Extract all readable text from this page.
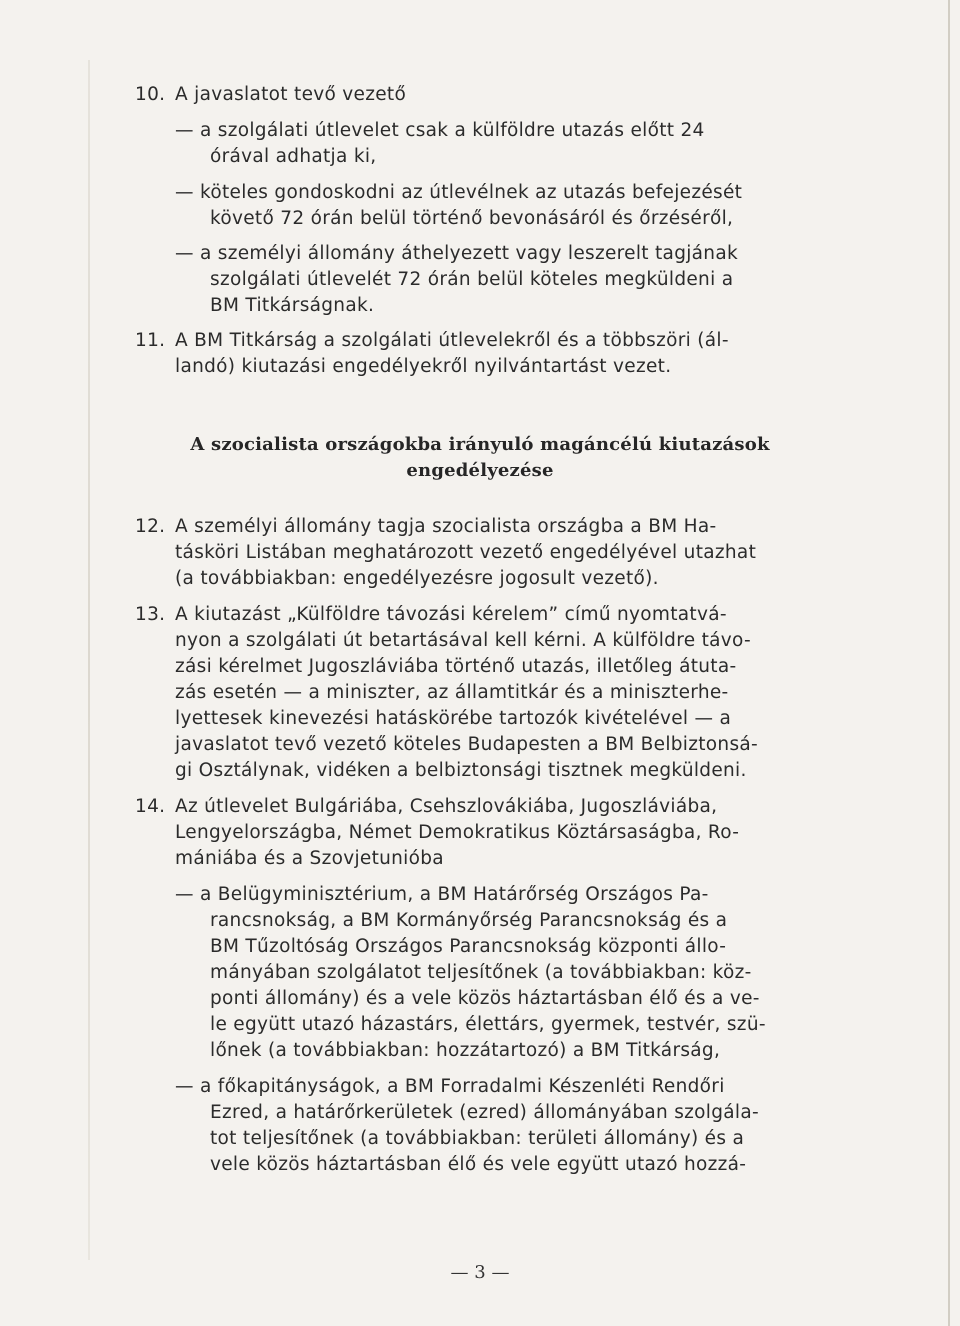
10. A javaslatot tevő vezető
— a szolgálati útlevelet csak a külföldre utazás előtt 24
órával adhatja ki,
— köteles gondoskodni az útlevélnek az utazás befejezését
követő 72 órán belül történő bevonásáról és őrzéséről,
— a személyi állomány áthelyezett vagy leszerelt tagjának
szolgálati útlevelét 72 órán belül köteles megküldeni a
BM Titkárságnak.
11. A BM Titkárság a szolgálati útlevelekről és a többszöri (ál-
landó) kiutazási engedélyekről nyilvántartást vezet.
A szocialista országokba irányuló magáncélú kiutazások
engedélyezése
12. A személyi állomány tagja szocialista országba a BM Ha-
tásköri Listában meghatározott vezető engedélyével utazhat
(a továbbiakban: engedélyezésre jogosult vezető).
13. A kiutazást „Külföldre távozási kérelem” című nyomtatvá-
nyon a szolgálati út betartásával kell kérni. A külföldre távo-
zási kérelmet Jugoszláviába történő utazás, illetőleg átuta-
zás esetén — a miniszter, az államtitkár és a miniszterhe-
lyettesek kinevezési hatáskörébe tartozók kivételével — a
javaslatot tevő vezető köteles Budapesten a BM Belbiztonsá-
gi Osztálynak, vidéken a belbiztonsági tisztnek megküldeni.
14. Az útlevelet Bulgáriába, Csehszlovákiába, Jugoszláviába,
Lengyelországba, Német Demokratikus Köztársaságba, Ro-
mániába és a Szovjetunióba
— a Belügyminisztérium, a BM Határőrség Országos Pa-
rancsnokság, a BM Kormányőrség Parancsnokság és a
BM Tűzoltóság Országos Parancsnokság központi állo-
mányában szolgálatot teljesítőnek (a továbbiakban: köz-
ponti állomány) és a vele közös háztartásban élő és a ve-
le együtt utazó házastárs, élettárs, gyermek, testvér, szü-
lőnek (a továbbiakban: hozzátartozó) a BM Titkárság,
— a főkapitányságok, a BM Forradalmi Készenléti Rendőri
Ezred, a határőrkerületek (ezred) állományában szolgála-
tot teljesítőnek (a továbbiakban: területi állomány) és a
vele közös háztartásban élő és vele együtt utazó hozzá-
— 3 —
